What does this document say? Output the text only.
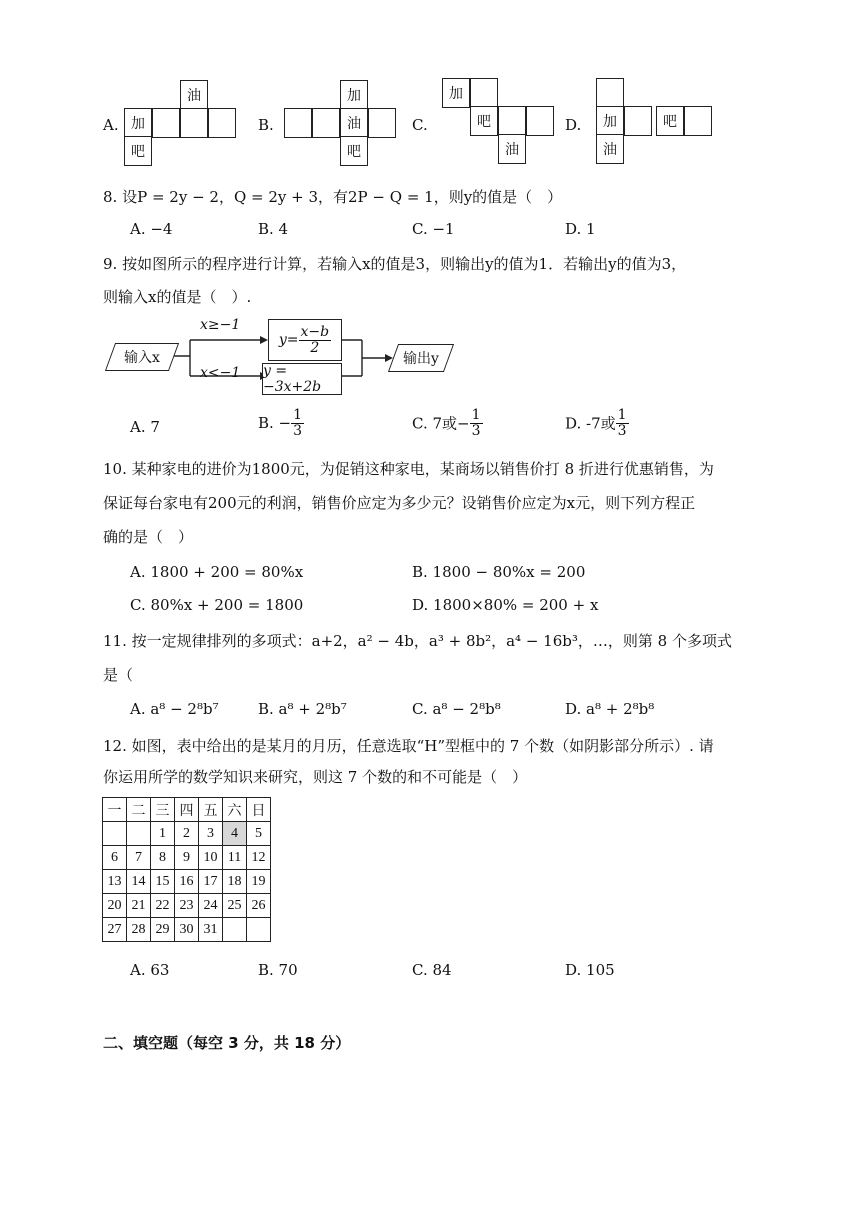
A.
油
加
吧
B.
加
油
吧
C.
加
吧
油
D.	加	吧
油
8. 设P = 2y − 2，Q = 2y + 3，有2P − Q = 1，则y的值是（　）
A. −4	B. 4	C. −1	D. 1
9. 按如图所示的程序进行计算，若输入x的值是3，则输出y的值为1．若输出y的值为3，
则输入x的值是（　）.
输入x
x≥−1
x<−1
$y= \frac{x-b}{2}$
y = −3x+2b
输出y
A. 7	B. − $\frac{1}{3}$	C. 7或− $\frac{1}{3}$	D. -7或 $\frac{1}{3}$
10. 某种家电的进价为1800元，为促销这种家电，某商场以销售价打 8 折进行优惠销售，为
保证每台家电有200元的利润，销售价应定为多少元？设销售价应定为x元，则下列方程正
确的是（　）
A. 1800 + 200 = 80%x	B. 1800 − 80%x = 200
C. 80%x + 200 = 1800	D. 1800×80% = 200 + x
11. 按一定规律排列的多项式：a+2，a² − 4b，a³ + 8b²，a⁴ − 16b³，…，则第 8 个多项式
是（
A. a⁸ − 2⁸b⁷	B. a⁸ + 2⁸b⁷	C. a⁸ − 2⁸b⁸	D. a⁸ + 2⁸b⁸
12. 如图，表中给出的是某月的月历，任意选取“H”型框中的 7 个数（如阴影部分所示）. 请
你运用所学的数学知识来研究，则这 7 个数的和不可能是（　）
一	二	三	四	五	六	日
		1	2	3	4	5
6	7	8	9	10	11	12
13	14	15	16	17	18	19
20	21	22	23	24	25	26
27	28	29	30	31		
A. 63	B. 70	C. 84	D. 105
二、填空题（每空 3 分，共 18 分）
